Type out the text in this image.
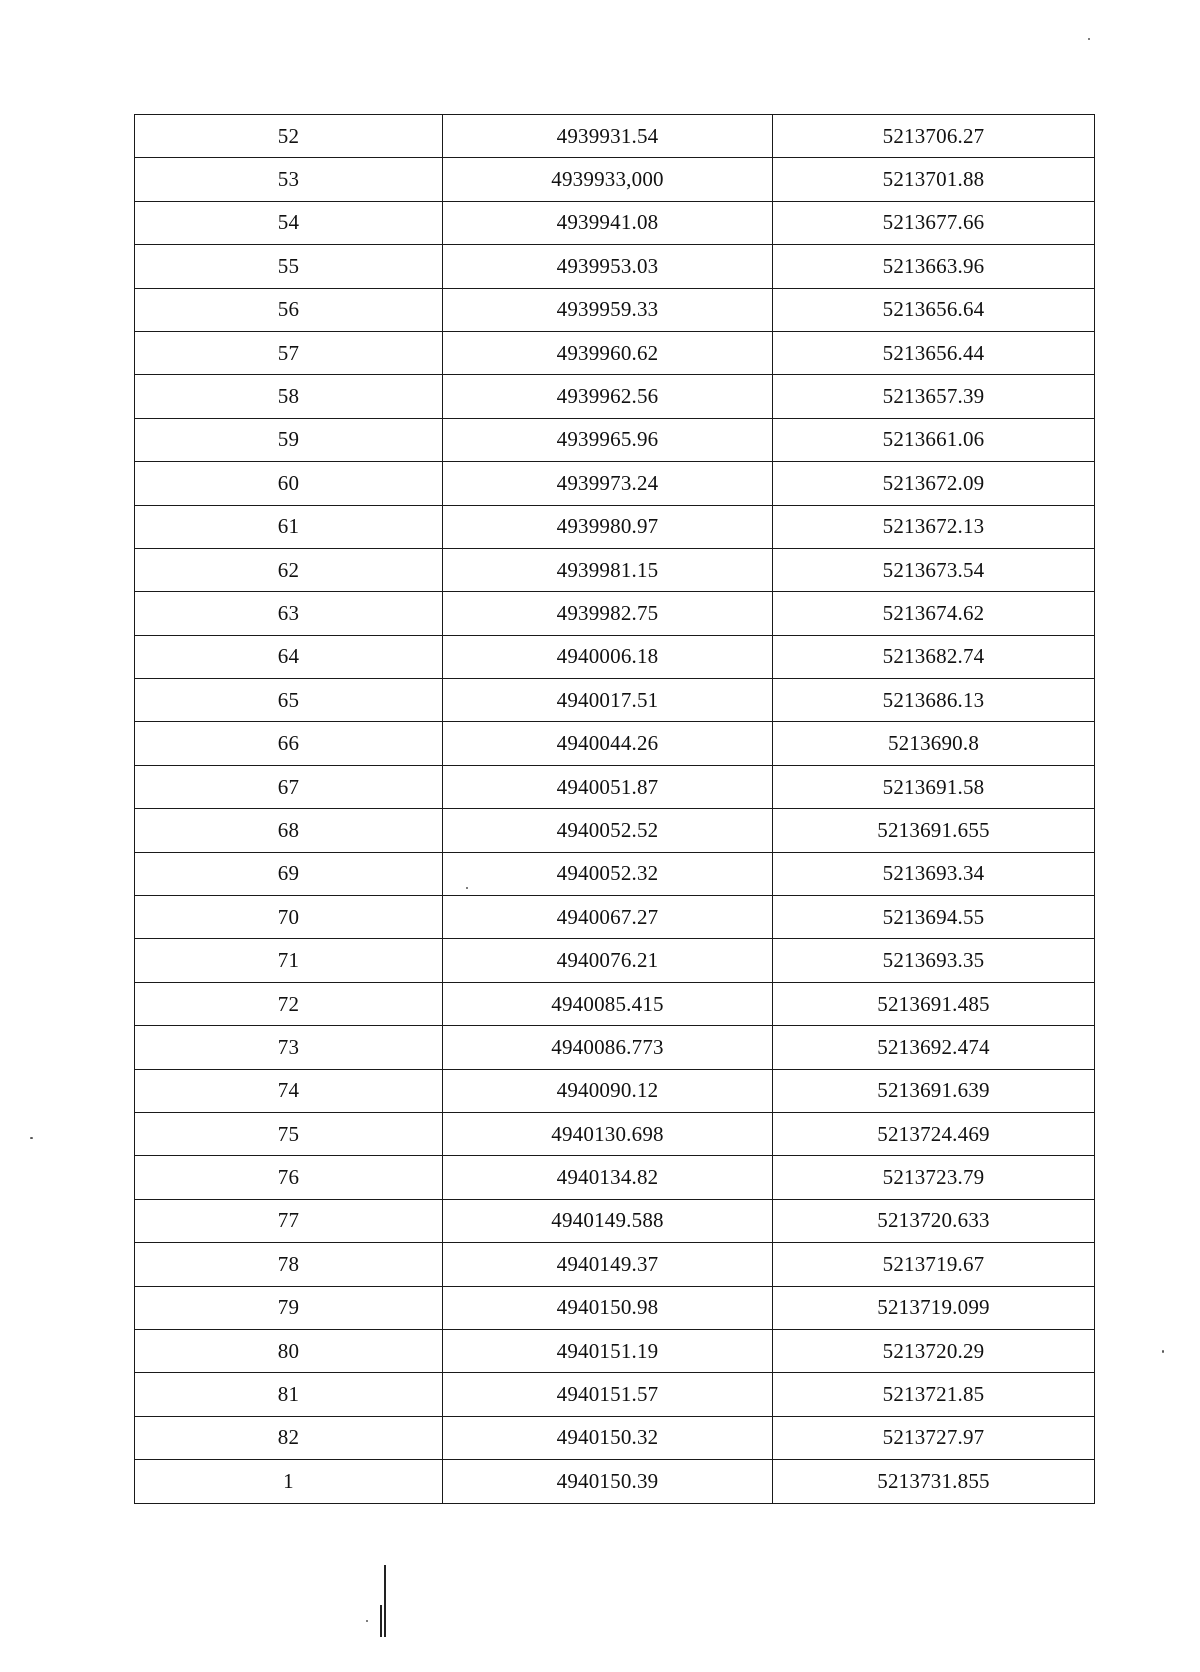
52	4939931.54	5213706.27
53	4939933,000	5213701.88
54	4939941.08	5213677.66
55	4939953.03	5213663.96
56	4939959.33	5213656.64
57	4939960.62	5213656.44
58	4939962.56	5213657.39
59	4939965.96	5213661.06
60	4939973.24	5213672.09
61	4939980.97	5213672.13
62	4939981.15	5213673.54
63	4939982.75	5213674.62
64	4940006.18	5213682.74
65	4940017.51	5213686.13
66	4940044.26	5213690.8
67	4940051.87	5213691.58
68	4940052.52	5213691.655
69	4940052.32	5213693.34
70	4940067.27	5213694.55
71	4940076.21	5213693.35
72	4940085.415	5213691.485
73	4940086.773	5213692.474
74	4940090.12	5213691.639
75	4940130.698	5213724.469
76	4940134.82	5213723.79
77	4940149.588	5213720.633
78	4940149.37	5213719.67
79	4940150.98	5213719.099
80	4940151.19	5213720.29
81	4940151.57	5213721.85
82	4940150.32	5213727.97
1	4940150.39	5213731.855
